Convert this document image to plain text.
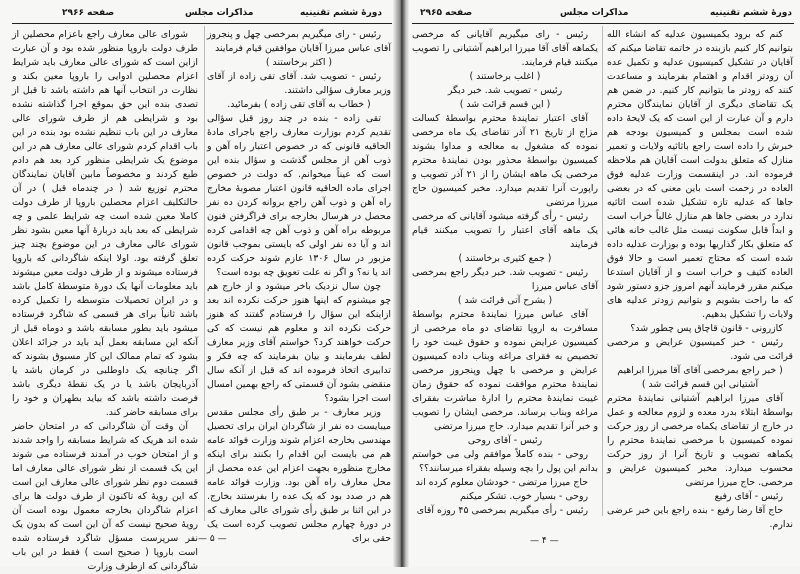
صفحه ۲۹۶۶	مذاکرات مجلس	دورهٔ ششم تقنینیه

شورای عالی معارف راجع باعزام محصلین از طرف دولت باروپا منظور شده بود و آن عبارت ازاین است که شورای عالی معارف باید شرایط اعزام محصلین ادوایی را باروپا معین بکند و نظارت در انتخاب آنها هم داشته باشد تا قبل از تصدی بنده این حق بموقع اجرا گذاشته نشده بود و شرایطی هم از طرف شورای عالی معارف در این باب تنظیم نشده بود بنده در این باب اقدام کردم شورای عالی معارف هم در این موضوع یک شرایطی منظور کرد بعد هم دادم طبع کردند و مخصوصاً مابین آقایان نمایندگان محترم توزیع شد ( در چندماه قبل ) در آن حالتکلیف اعزام محصلین باروپا از طرف دولت کاملا معین شده است چه شرایط علمی و چه شرایطی که بعد باید دربارهٔ آنها معین بشود نظر شورای عالی معارف در این موضوع بچند چیز تعلق گرفته بود. اولا اینکه شاگردانی که باروپا فرستاده میشوند و از طرف دولت معین میشوند باید معلومات آنها یک دورهٔ متوسطهٔ کامل باشد و در ایران تحصیلات متوسطه را تکمیل کرده باشد ثانیاً برای هر قسمی که شاگرد فرستاده میشود باید بطور مسابقه باشد و دوماه قبل از آنکه این مسابقه بعمل آید باید در جرائد اعلان بشود که تمام ممالک این کار مسبوق بشوند که اگر چنانچه یک داوطلبی در کرمان باشد یا آذربایجان باشد یا در یک نقطهٔ دیگری باشد فرصت داشته باشد که بیاید بطهران و خود را برای مسابقه حاضر کند.

آن وقت آن شاگردانی که در امتحان حاضر شده اند هریک که شرایط مسابقه را واجد شدند و از امتحان خوب در آمدند فرستاده می شوند این یک قسمت از نظر شورای عالی معارف اما قسمت دوم نظر شورای عالی معارف این است که این رویهٔ که تاکنون از طرف دولت ها برای اعزام شاگردان بخارجه معمول بوده است آن رویهٔ صحیح نیست که آن این است که بدون یک نفر سرپرست مسؤل شاگرد فرستاده شده است باروپا ( صحیح است ) فقط در این باب شاگردانی که ازطرف وزارت

رئیس - رای میگیریم بمرخصی چهل و پنجروز آقای عباس میرزا آقایان موافقین قیام فرمایند

( اکثر برخاستند )

رئیس - تصویب شد. آقای تقی زاده از آقای وزیر معارف سؤالی داشتند.

( خطاب به آقای تقی زاده ) بفرمائید.

تقی زاده - بنده در چند روز قبل سؤالی تقدیم کردم بوزارت معارف راجع باجرای مادهٔ الحاقیه قانونی که در خصوص اعتبار راه آهن و ذوب آهن از مجلس گذشت و سؤال بنده این است که عیناً میخوانم. که دولت در خصوص اجرای ماده الحاقیه قانون اعتبار مصوبهٔ مخارج راه آهن و ذوب آهن راجع بروانه کردن ده نفر محصل در هرسال بخارجه برای فراگرفتن فنون مربوطه براه آهن و ذوب آهن چه اقدامی کرده اند و آیا ده نفر اولی که بایستی بموجب قانون مزبور در سال ۱۳۰۶ عازم شوند حرکت کرده اند یا نه؟ و اگر نه علت تعویق چه بوده است؟

چون سال نزدیک باخر میشود و از خارج هم چو میشنوم که اینها هنوز حرکت نکرده اند بعد ازاینکه این سؤال را فرستادم گفتند که هنوز حرکت نکرده اند و معلوم هم نیست که کی حرکت خواهند کرد؟ خواستم آقای وزیر معارف لطف بفرمایند و بیان بفرمایند که چه فکر و تدابیری اتخاذ فرموده اند که قبل از آنکه سال منقضی بشود آن قسمتی که راجع بهمین امسال است اجرا بشود؟

وزیر معارف - بر طبق رأی مجلس مقدس میبایست ده نفر از شاگردان ایران برای تحصیل مهندسی بخارجه اعزام شوند وزارت فوائد عامه هم می بایست این اقدام را بکنند برای اینکه مخارج منظوره بجهت اعزام این عده محصل از محل معارف راه آهن بود. وزارت فوائد عامه هم در صدد بود که یک عده را بفرستند بخارج. در این اثنا بر طبق رأی شورای عالی معارف که در دورهٔ چهارم مجلس تصویب کرده است یک حقی برای

— ۵ —
صفحه ۲۹۶۵	مذاکرات مجلس	دورهٔ ششم تقنینیه

رئیس - رای میگیریم آقایانی که مرخصی یکماهه آقای آقا میرزا ابراهیم آشتیانی را تصویب میکنند قیام فرمایند.

( اغلب برخاستند )

رئیس - تصویب شد. خبر دیگر

( این قسم قرائت شد )

آقای اعتبار نمایندهٔ محترم بواسطهٔ کسالت مزاج از تاریخ ۲۱ آذر تقاضای یک ماه مرخصی نموده که مشغول به معالجه و مداوا بشوند کمیسیون بواسطهٔ محذور بودن نمایندهٔ محترم مرخصی یک ماهه ایشان را از ۲۱ آذر تصویب و راپورت آنرا تقدیم میدارد. مخبر کمیسیون حاج میرزا مرتضی

رئیس - رأی گرفته میشود آقایانی که مرخصی یک ماهه آقای اعتبار را تصویب میکنند قیام فرمایند

( جمع کثیری برخاستند )

رئیس - تصویب شد. خبر دیگر راجع بمرخصی آقای عباس میرزا

( بشرح آتی قرائت شد )

آقای عباس میرزا نمایندهٔ محترم بواسطهٔ مسافرت به اروپا تقاضای دو ماه مرخصی از کمیسیون عرایض نموده و حقوق غیبت خود را تخصیص به فقرای مراغه وبناب داده کمیسیون عرایض و مرخصی با چهل وپنجروز مرخصی نمایندهٔ محترم موافقت نموده که حقوق زمان غیبت نمایندهٔ محترم را ادارهٔ مباشرت بفقرای مراغه وبناب برساند. مرخصی ایشان را تصویب و خبر آنرا تقدیم میدارد. حاج میرزا مرتضی

رئیس - آقای روحی

روحی - بنده کاملاً موافقم ولی می خواستم بدانم این پول را بچه وسیله بفقراء میرسانند؟؟

حاج میرزا مرتضی - خودشان معلوم کرده اند

روحی - بسیار خوب. تشکر میکنم

رئیس - رأی میگیریم بمرخصی ۴۵ روزه آقای

کنم که برود بکمیسیون عدلیه که انشاء الله بتوانیم کار کنیم بازبنده در خاتمه تقاضا میکنم که آقایان در تشکیل کمیسیون عدلیه و تکمیل عده آن زودتر اقدام و اهتمام بفرمایند و مساعدت کنند که زودتر ما بتوانیم کار کنیم. در ضمن هم یک تقاضای دیگری از آقایان نمایندگان محترم دارم و آن عبارت از این است که یک لایحهٔ داده شده است بمجلس و کمیسیون بودجه هم خبرش را داده است راجع باثاثیه ولایات و تعمیر منازل که متعلق بدولت است آقایان هم ملاحظه فرموده اند. در اینقسمت وزارت عدلیه فوق العاده در زحمت است باین معنی که در بعضی جاها که عدلیه تازه تشکیل شده است اثاثیه ندارد در بعضی جاها هم منازل غالباً خراب است و ابداً قابل سکونت نیست مثل غالب خانه هائی که متعلق بکار گذاریها بوده و بوزارت عدلیه داده شده است که محتاج تعمیر است و حالا فوق العاده کثیف و خراب است و از آقایان استدعا میکنم مقرر فرمایند آنهم امروز جزو دستور شود که ما راحت بشویم و بتوانیم زودتر عدلیه های ولایات را تشکیل بدهیم.

کازرونی - قانون قاچاق پس چطور شد؟

رئیس - خبر کمیسیون عرایض و مرخصی قرائت می شود.

( خبر راجع بمرخصی آقای آقا میرزا ابراهیم آشتیانی این قسم قرائت شد )

آقای میرزا ابراهیم آشتیانی نمایندهٔ محترم بواسطهٔ ابتلاء بدرد معده و لزوم معالجه و عمل در خارج از تقاضای یکماه مرخصی از روز حرکت نموده کمیسیون با مرخصی نمایندهٔ محترم را یکماهه تصویب و تاریخ آنرا از روز حرکت محسوب میدارد. مخبر کمیسیون عرایض و مرخصی. حاج میرزا مرتضی

رئیس - آقای رفیع

حاج آقا رضا رفیع - بنده راجع باین خبر عرضی ندارم.

— ۴ —
